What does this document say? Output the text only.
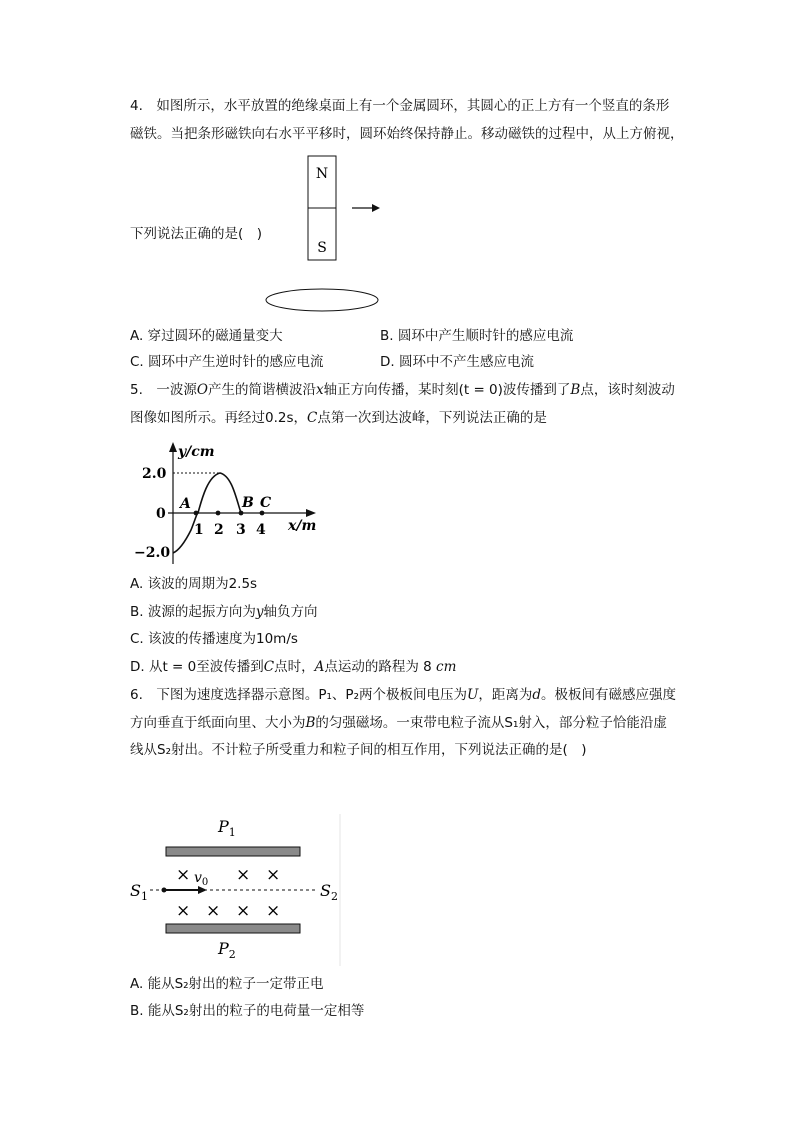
4.　如图所示，水平放置的绝缘桌面上有一个金属圆环，其圆心的正上方有一个竖直的条形
磁铁。当把条形磁铁向右水平平移时，圆环始终保持静止。移动磁铁的过程中，从上方俯视，
下列说法正确的是(　)
N
S
A. 穿过圆环的磁通量变大	B. 圆环中产生顺时针的感应电流
C. 圆环中产生逆时针的感应电流	D. 圆环中不产生感应电流
5.　一波源O产生的简谐横波沿x轴正方向传播，某时刻(t = 0)波传播到了B点，该时刻波动
图像如图所示。再经过0.2s，C点第一次到达波峰，下列说法正确的是
y/cm
x/m
2.0
0
−2.0
1 2 3 4
A	B C
A. 该波的周期为2.5s
B. 波源的起振方向为y轴负方向
C. 该波的传播速度为10m/s
D. 从t = 0至波传播到C点时，A点运动的路程为 8 cm
6.　下图为速度选择器示意图。P₁、P₂两个极板间电压为U，距离为d。极板间有磁感应强度
方向垂直于纸面向里、大小为B的匀强磁场。一束带电粒子流从S₁射入，部分粒子恰能沿虚
线从S₂射出。不计粒子所受重力和粒子间的相互作用，下列说法正确的是(　)
$P_1$
$P_2$
×	× ×
× × × ×
$v_0$
$S_1$	$S_2$
A. 能从S₂射出的粒子一定带正电
B. 能从S₂射出的粒子的电荷量一定相等
